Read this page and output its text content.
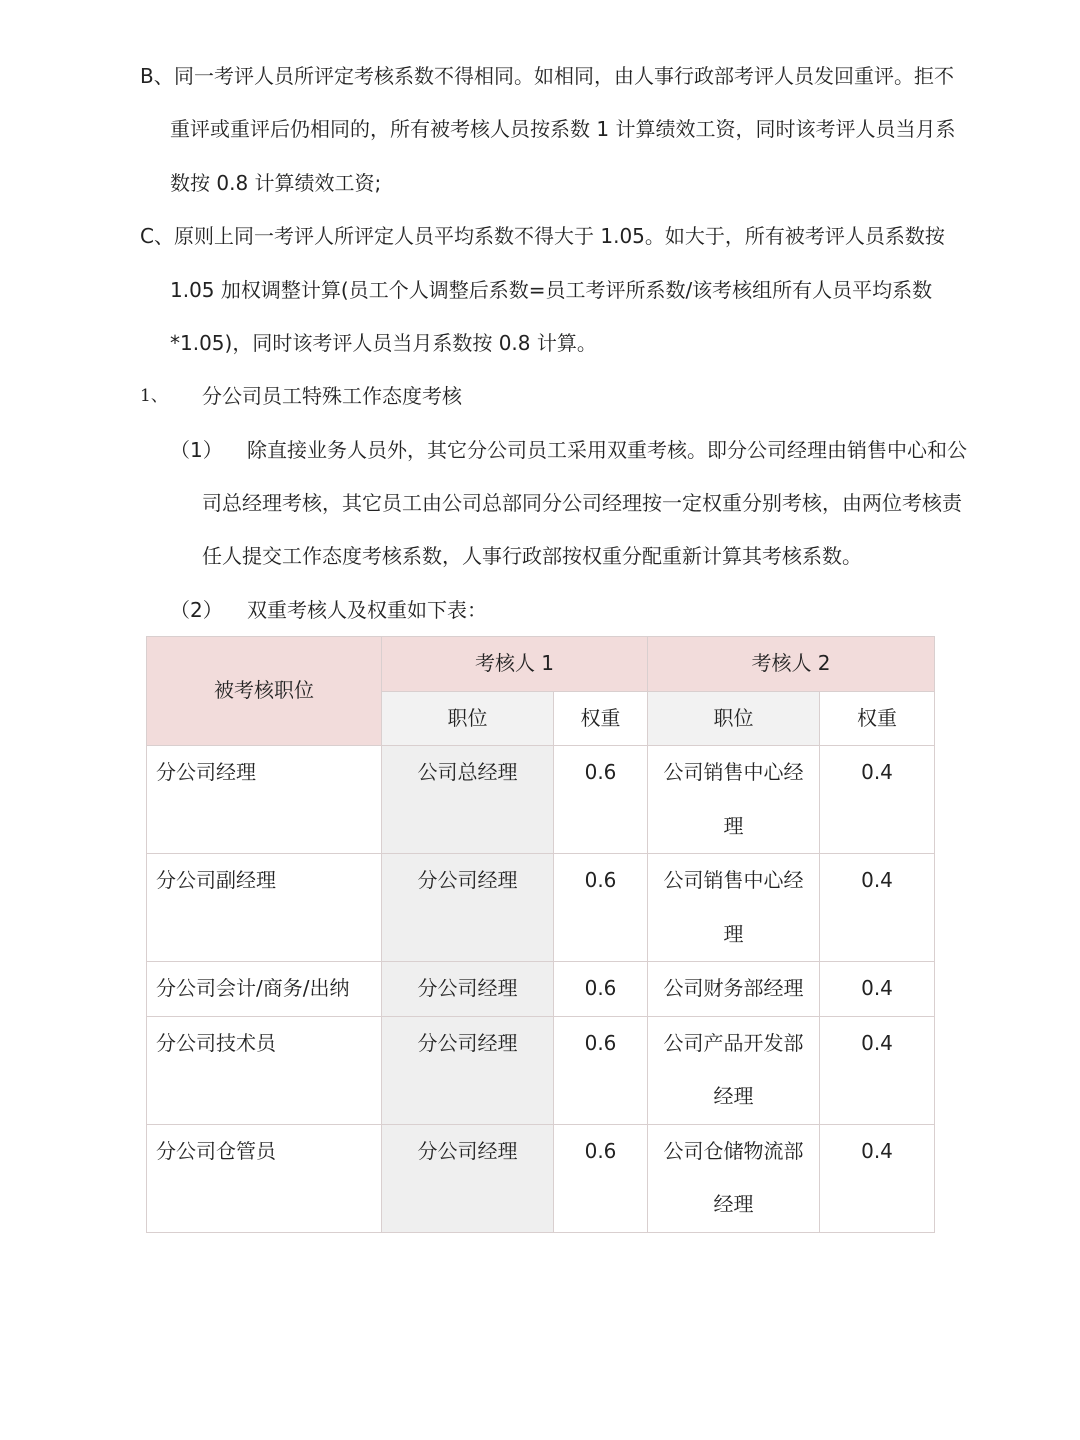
B、 同一考评人员所评定考核系数不得相同。如相同，由人事行政部考评人员发回重评。拒不
重评或重评后仍相同的，所有被考核人员按系数 1 计算绩效工资，同时该考评人员当月系
数按 0.8 计算绩效工资;
C、 原则上同一考评人所评定人员平均系数不得大于 1.05。如大于，所有被考评人员系数按
1.05 加权调整计算(员工个人调整后系数=员工考评所系数/该考核组所有人员平均系数
*1.05)，同时该考评人员当月系数按 0.8 计算。
1、 分公司员工特殊工作态度考核
（1） 除直接业务人员外，其它分公司员工采用双重考核。即分公司经理由销售中心和公
司总经理考核，其它员工由公司总部同分公司经理按一定权重分别考核，由两位考核责
任人提交工作态度考核系数，人事行政部按权重分配重新计算其考核系数。
（2） 双重考核人及权重如下表：
被考核职位	考核人 1		考核人 2	
	职位	权重	职位	权重
分公司经理	公司总经理	0.6	公司销售中心经理	0.4
分公司副经理	分公司经理	0.6	公司销售中心经理	0.4
分公司会计/商务/出纳	分公司经理	0.6	公司财务部经理	0.4
分公司技术员	分公司经理	0.6	公司产品开发部经理	0.4
分公司仓管员	分公司经理	0.6	公司仓储物流部经理	0.4
